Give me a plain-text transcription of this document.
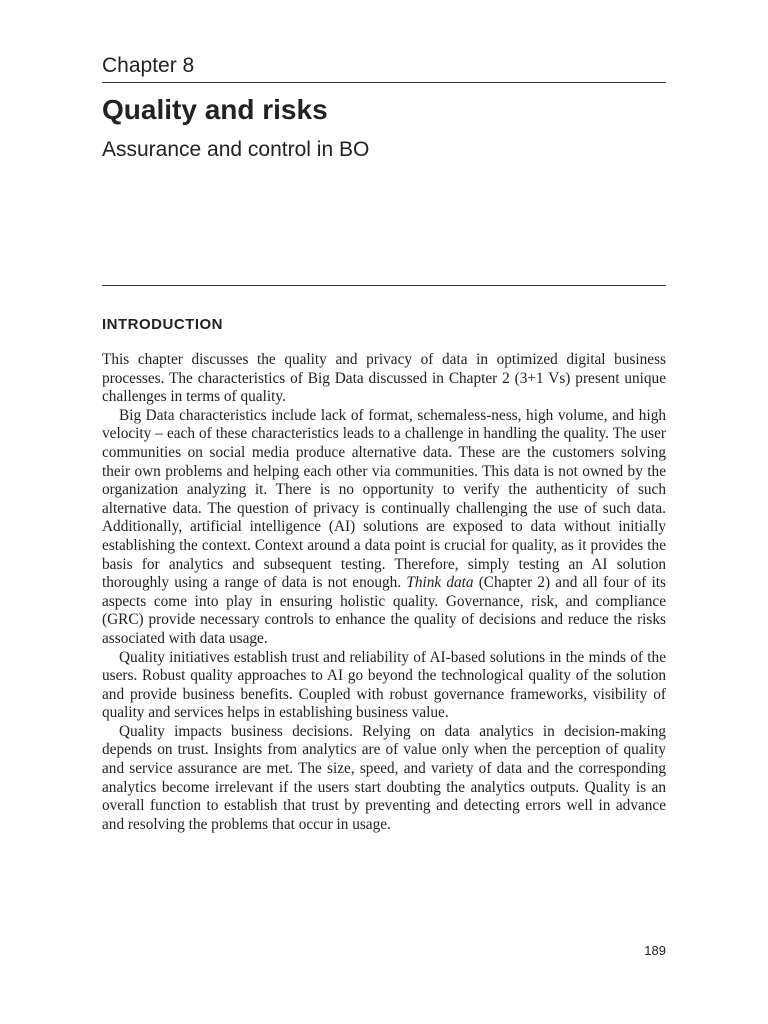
Chapter 8
Quality and risks
Assurance and control in BO
INTRODUCTION

This chapter discusses the quality and privacy of data in optimized digital business processes. The characteristics of Big Data discussed in Chapter 2 (3+1 Vs) present unique challenges in terms of quality.

Big Data characteristics include lack of format, schemaless-ness, high volume, and high velocity – each of these characteristics leads to a challenge in handling the quality. The user communities on social media produce alternative data. These are the customers solving their own problems and helping each other via communities. This data is not owned by the organization analyzing it. There is no opportunity to verify the authenticity of such alternative data. The question of privacy is continually challenging the use of such data. Additionally, artificial intelligence (AI) solutions are exposed to data without initially establishing the context. Context around a data point is crucial for quality, as it provides the basis for analytics and subsequent testing. Therefore, simply testing an AI solution thoroughly using a range of data is not enough. Think data (Chapter 2) and all four of its aspects come into play in ensuring holistic quality. Governance, risk, and compliance (GRC) provide necessary controls to enhance the quality of decisions and reduce the risks associated with data usage.

Quality initiatives establish trust and reliability of AI-based solutions in the minds of the users. Robust quality approaches to AI go beyond the technological quality of the solution and provide business benefits. Coupled with robust governance frameworks, visibility of quality and services helps in establishing business value.

Quality impacts business decisions. Relying on data analytics in decision-making depends on trust. Insights from analytics are of value only when the perception of quality and service assurance are met. The size, speed, and variety of data and the corresponding analytics become irrelevant if the users start doubting the analytics outputs. Quality is an overall function to establish that trust by preventing and detecting errors well in advance and resolving the problems that occur in usage.

189
